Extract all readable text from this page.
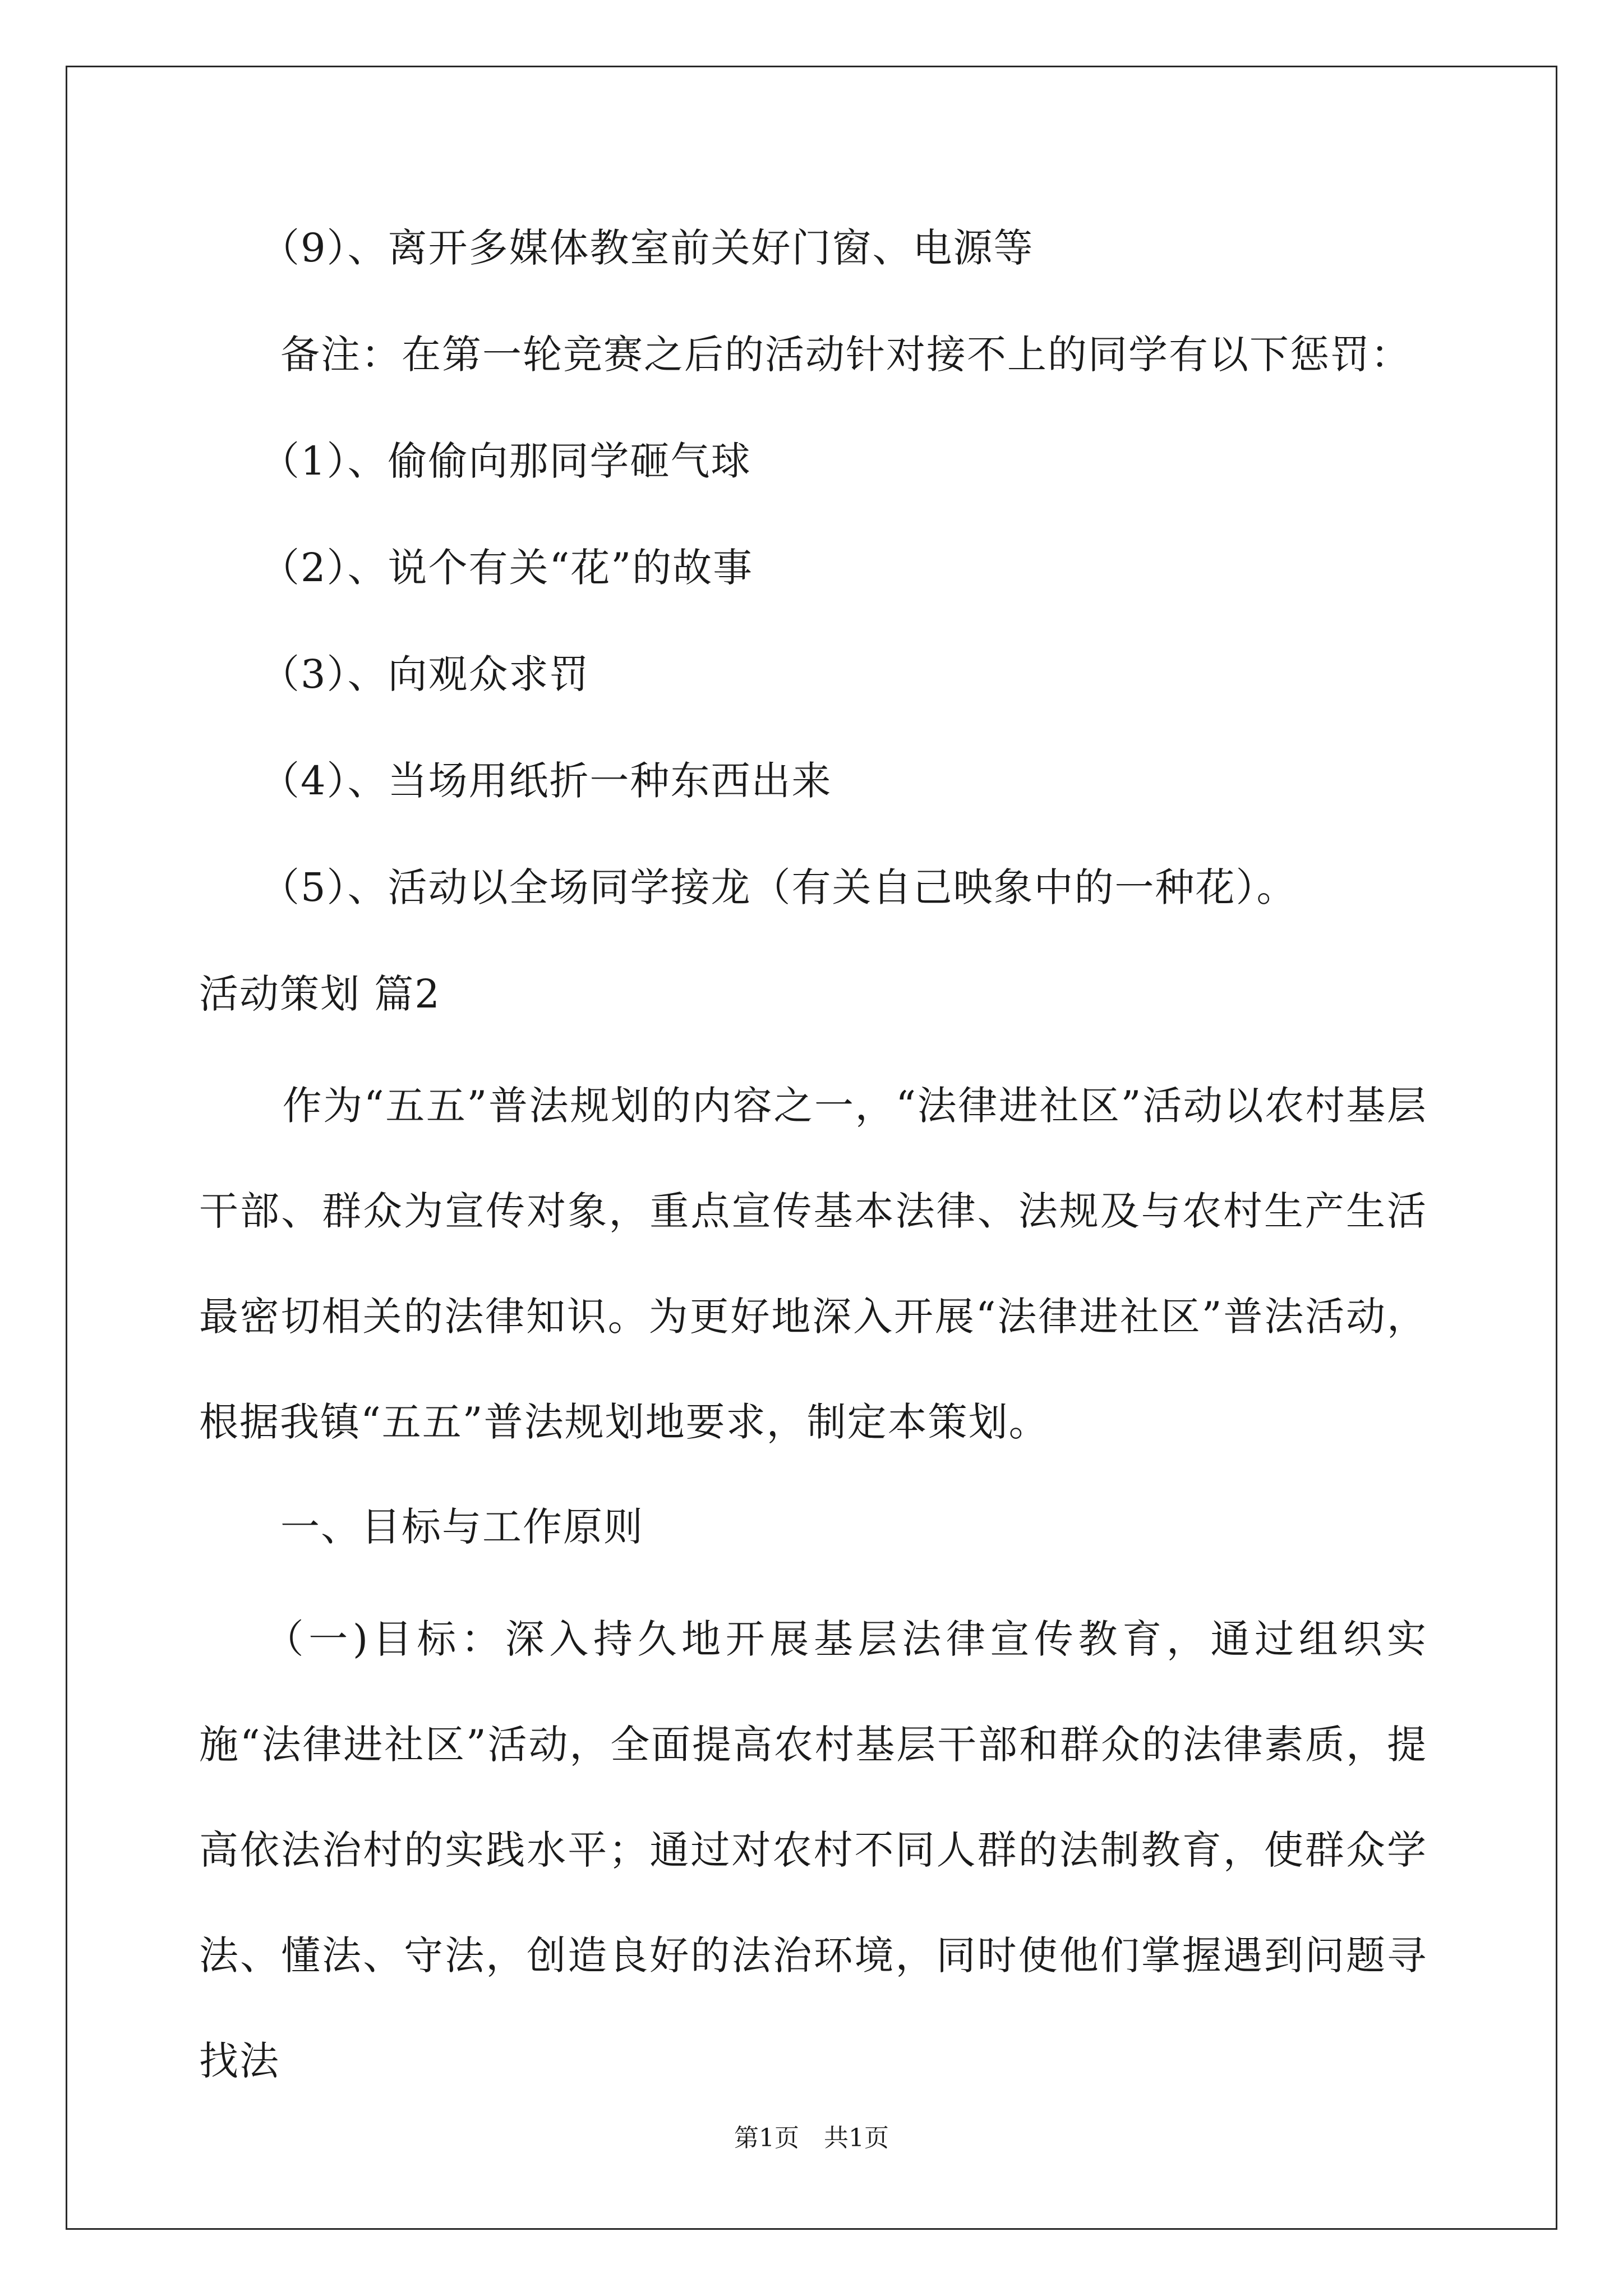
（9）、离开多媒体教室前关好门窗、电源等
备注：在第一轮竞赛之后的活动针对接不上的同学有以下惩罚：
（1）、偷偷向那同学砸气球
（2）、说个有关“花”的故事
（3）、向观众求罚
（4）、当场用纸折一种东西出来
（5）、活动以全场同学接龙（有关自己映象中的一种花）。
活动策划 篇2
作为“五五”普法规划的内容之一，“法律进社区”活动以农村基层干部、群众为宣传对象，重点宣传基本法律、法规及与农村生产生活最密切相关的法律知识。为更好地深入开展“法律进社区”普法活动，根据我镇“五五”普法规划地要求，制定本策划。
一、目标与工作原则
（一)目标：深入持久地开展基层法律宣传教育，通过组织实施“法律进社区”活动，全面提高农村基层干部和群众的法律素质，提高依法治村的实践水平；通过对农村不同人群的法制教育，使群众学法、懂法、守法，创造良好的法治环境，同时使他们掌握遇到问题寻找法
第1页　共1页
